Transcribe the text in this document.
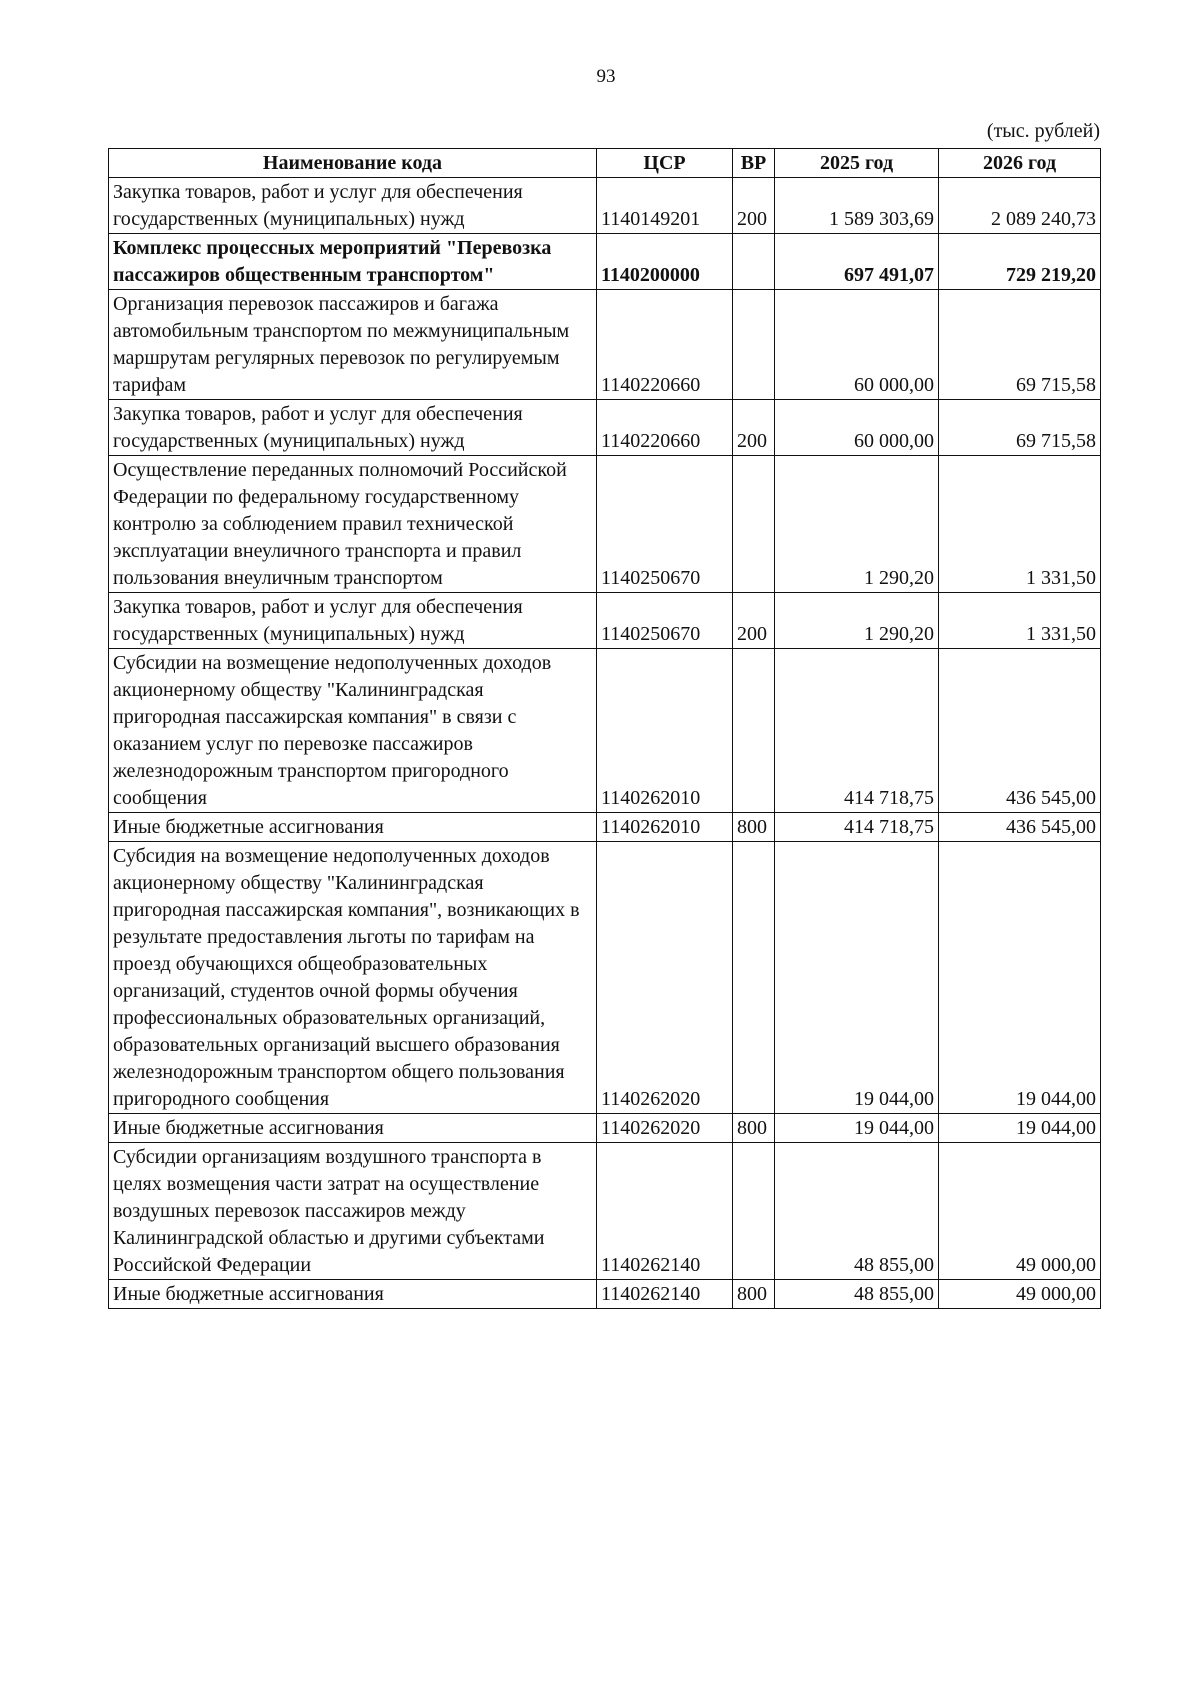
93
(тыс. рублей)
Наименование кода	ЦСР	ВР	2025 год	2026 год
Закупка товаров, работ и услуг для обеспечения государственных (муниципальных) нужд	1140149201	200	1 589 303,69	2 089 240,73
Комплекс процессных мероприятий "Перевозка пассажиров общественным транспортом"	1140200000		697 491,07	729 219,20
Организация перевозок пассажиров и багажа автомобильным транспортом по межмуниципальным маршрутам регулярных перевозок по регулируемым тарифам	1140220660		60 000,00	69 715,58
Закупка товаров, работ и услуг для обеспечения государственных (муниципальных) нужд	1140220660	200	60 000,00	69 715,58
Осуществление переданных полномочий Российской Федерации по федеральному государственному контролю за соблюдением правил технической эксплуатации внеуличного транспорта и правил пользования внеуличным транспортом	1140250670		1 290,20	1 331,50
Закупка товаров, работ и услуг для обеспечения государственных (муниципальных) нужд	1140250670	200	1 290,20	1 331,50
Субсидии на возмещение недополученных доходов акционерному обществу "Калининградская пригородная пассажирская компания" в связи с оказанием услуг по перевозке пассажиров железнодорожным транспортом пригородного сообщения	1140262010		414 718,75	436 545,00
Иные бюджетные ассигнования	1140262010	800	414 718,75	436 545,00
Субсидия на возмещение недополученных доходов акционерному обществу "Калининградская пригородная пассажирская компания", возникающих в результате предоставления льготы по тарифам на проезд обучающихся общеобразовательных организаций, студентов очной формы обучения профессиональных образовательных организаций, образовательных организаций высшего образования железнодорожным транспортом общего пользования пригородного сообщения	1140262020		19 044,00	19 044,00
Иные бюджетные ассигнования	1140262020	800	19 044,00	19 044,00
Субсидии организациям воздушного транспорта в целях возмещения части затрат на осуществление воздушных перевозок пассажиров между Калининградской областью и другими субъектами Российской Федерации	1140262140		48 855,00	49 000,00
Иные бюджетные ассигнования	1140262140	800	48 855,00	49 000,00
